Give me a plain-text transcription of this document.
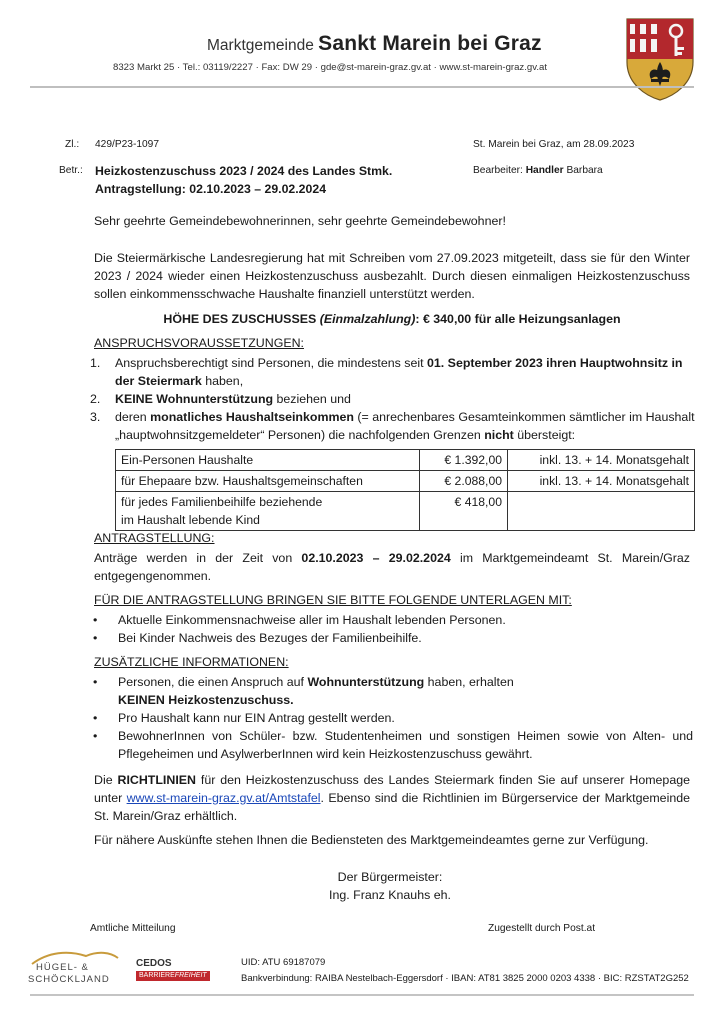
Marktgemeinde Sankt Marein bei Graz
8323 Markt 25 · Tel.: 03119/2227 · Fax: DW 29 · gde@st-marein-graz.gv.at · www.st-marein-graz.gv.at
Zl.: 429/P23-1097
Betr.: Heizkostenzuschuss 2023 / 2024 des Landes Stmk.
Antragstellung: 02.10.2023 – 29.02.2024
St. Marein bei Graz, am 28.09.2023
Bearbeiter: Handler Barbara
Sehr geehrte Gemeindebewohnerinnen, sehr geehrte Gemeindebewohner!
Die Steiermärkische Landesregierung hat mit Schreiben vom 27.09.2023 mitgeteilt, dass sie für den Winter 2023 / 2024 wieder einen Heizkostenzuschuss ausbezahlt. Durch diesen einmaligen Heizkostenzuschuss sollen einkommensschwache Haushalte finanziell unterstützt werden.
HÖHE DES ZUSCHUSSES (Einmalzahlung): € 340,00 für alle Heizungsanlagen
ANSPRUCHSVORAUSSETZUNGEN:
1. Anspruchsberechtigt sind Personen, die mindestens seit 01. September 2023 ihren Hauptwohnsitz in der Steiermark haben,
2. KEINE Wohnunterstützung beziehen und
3. deren monatliches Haushaltseinkommen (= anrechenbares Gesamteinkommen sämtlicher im Haushalt „hauptwohnsitzgemeldeter“ Personen) die nachfolgenden Grenzen nicht übersteigt:
Ein-Personen Haushalte	€ 1.392,00	inkl. 13. + 14. Monatsgehalt
für Ehepaare bzw. Haushaltsgemeinschaften	€ 2.088,00	inkl. 13. + 14. Monatsgehalt

für jedes Familienbeihilfe beziehende
im Haushalt lebende Kind	€ 418,00	
ANTRAGSTELLUNG:
Anträge werden in der Zeit von 02.10.2023 – 29.02.2024 im Marktgemeindeamt St. Marein/Graz entgegengenommen.
FÜR DIE ANTRAGSTELLUNG BRINGEN SIE BITTE FOLGENDE UNTERLAGEN MIT:
• Aktuelle Einkommensnachweise aller im Haushalt lebenden Personen.
• Bei Kinder Nachweis des Bezuges der Familienbeihilfe.
ZUSÄTZLICHE INFORMATIONEN:
• Personen, die einen Anspruch auf Wohnunterstützung haben, erhalten
KEINEN Heizkostenzuschuss.
• Pro Haushalt kann nur EIN Antrag gestellt werden.
• BewohnerInnen von Schüler- bzw. Studentenheimen und sonstigen Heimen sowie von Alten- und Pflegeheimen und AsylwerberInnen wird kein Heizkostenzuschuss gewährt.
Die RICHTLINIEN für den Heizkostenzuschuss des Landes Steiermark finden Sie auf unserer Homepage unter www.st-marein-graz.gv.at/Amtstafel. Ebenso sind die Richtlinien im Bürgerservice der Marktgemeinde St. Marein/Graz erhältlich.
Für nähere Auskünfte stehen Ihnen die Bediensteten des Marktgemeindeamtes gerne zur Verfügung.
Der Bürgermeister:
Ing. Franz Knauhs eh.
Amtliche Mitteilung	Zugestellt durch Post.at
HÜGEL- &
SCHÖCKLJAND
CEDOS
BARRIEREFREIHEIT
UID: ATU 69187079
Bankverbindung: RAIBA Nestelbach-Eggersdorf · IBAN: AT81 3825 2000 0203 4338 · BIC: RZSTAT2G252
